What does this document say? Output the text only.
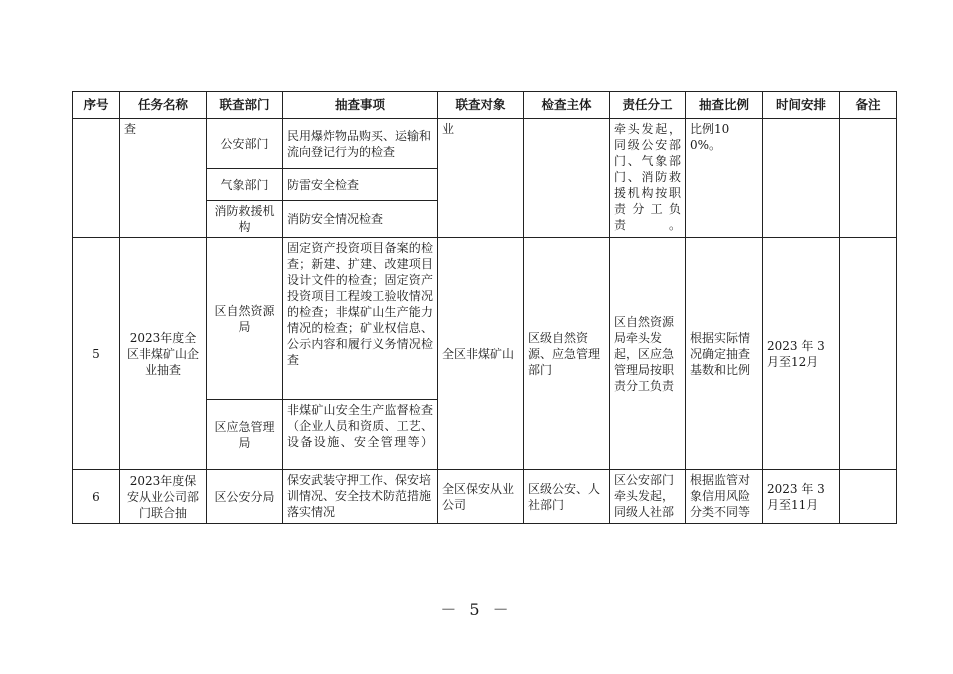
序号	任务名称	联查部门	抽查事项	联查对象	检查主体	责任分工	抽查比例	时间安排	备注
	查	公安部门	民用爆炸物品购买、运输和流向登记行为的检查	业		牵头发起，同级公安部门、气象部门、消防救援机构按职责分工负责。	比例100%。		
		气象部门	防雷安全检查						
		消防救援机构	消防安全情况检查						
5	2023年度全区非煤矿山企业抽查	区自然资源局	固定资产投资项目备案的检查；新建、扩建、改建项目设计文件的检查；固定资产投资项目工程竣工验收情况的检查；非煤矿山生产能力情况的检查；矿业权信息、公示内容和履行义务情况检查	全区非煤矿山	区级自然资源、应急管理部门	区自然资源局牵头发起，区应急管理局按职责分工负责	根据实际情况确定抽查基数和比例	2023 年 3 月至12月	
		区应急管理局	非煤矿山安全生产监督检查（企业人员和资质、工艺、设备设施、安全管理等）						
6	2023年度保安从业公司部门联合抽	区公安分局	保安武装守押工作、保安培训情况、安全技术防范措施落实情况	全区保安从业公司	区级公安、人社部门	区公安部门牵头发起，同级人社部	根据监管对象信用风险分类不同等	2023 年 3 月至11月	
－ 5 －
